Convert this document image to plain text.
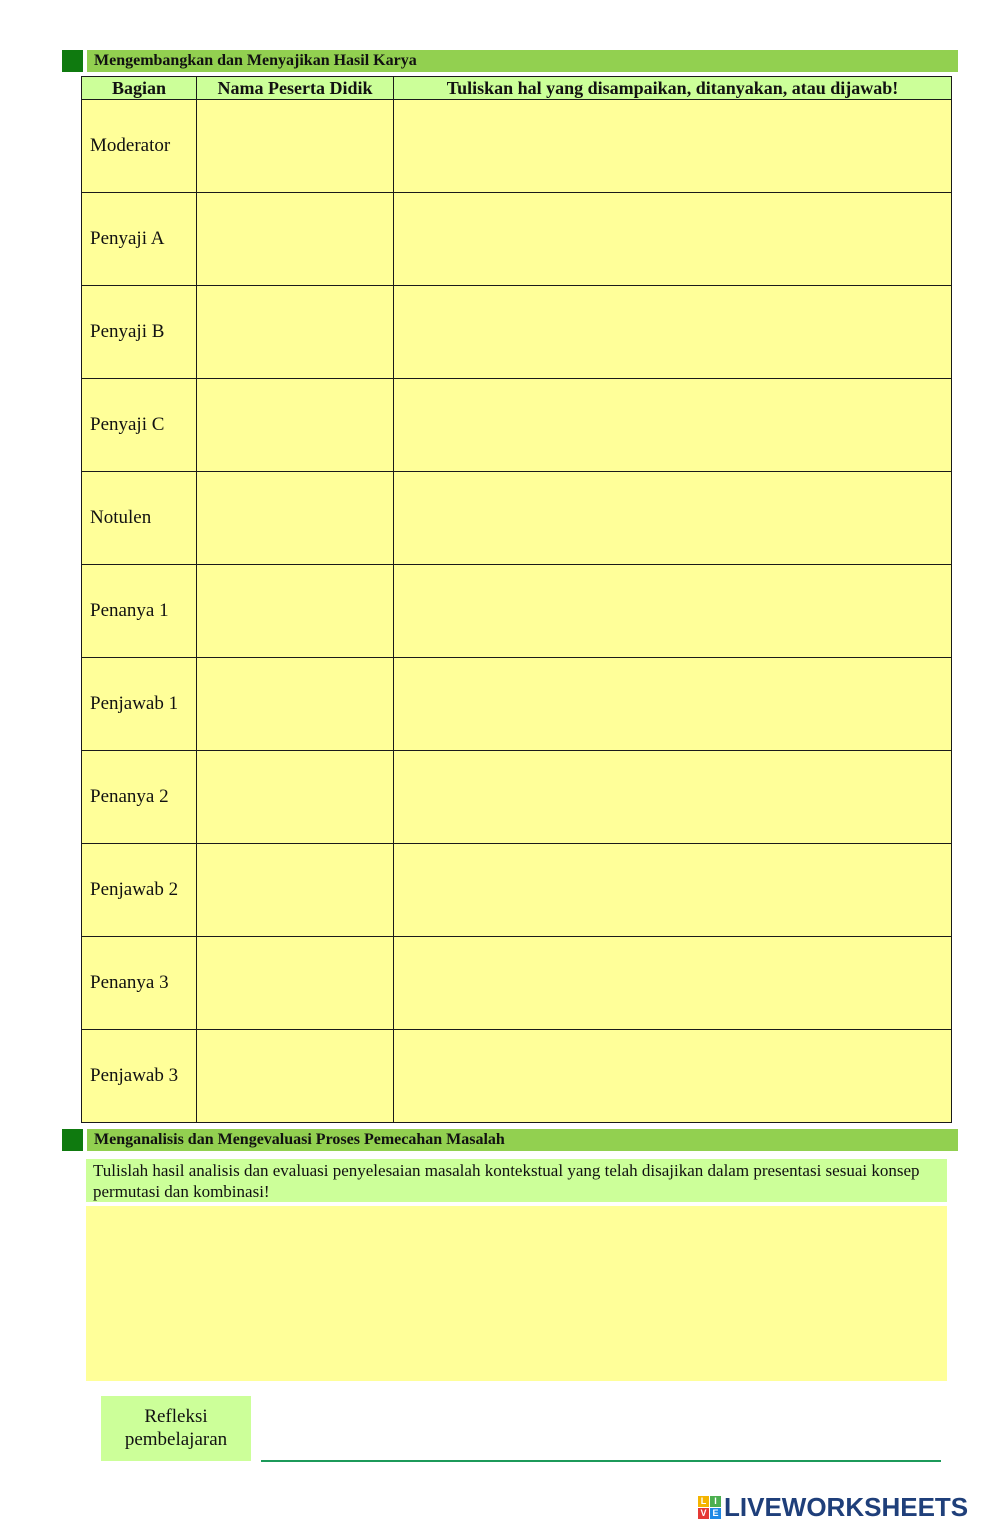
Mengembangkan dan Menyajikan Hasil Karya
Bagian	Nama Peserta Didik	Tuliskan hal yang disampaikan, ditanyakan, atau dijawab!
Moderator		
Penyaji A		
Penyaji B		
Penyaji C		
Notulen		
Penanya 1		
Penjawab 1		
Penanya 2		
Penjawab 2		
Penanya 3		
Penjawab 3		
Menganalisis dan Mengevaluasi Proses Pemecahan Masalah
Tulislah hasil analisis dan evaluasi penyelesaian masalah kontekstual yang telah disajikan dalam presentasi sesuai konsep permutasi dan kombinasi!
Refleksi
pembelajaran
L I
V E LIVEWORKSHEETS
